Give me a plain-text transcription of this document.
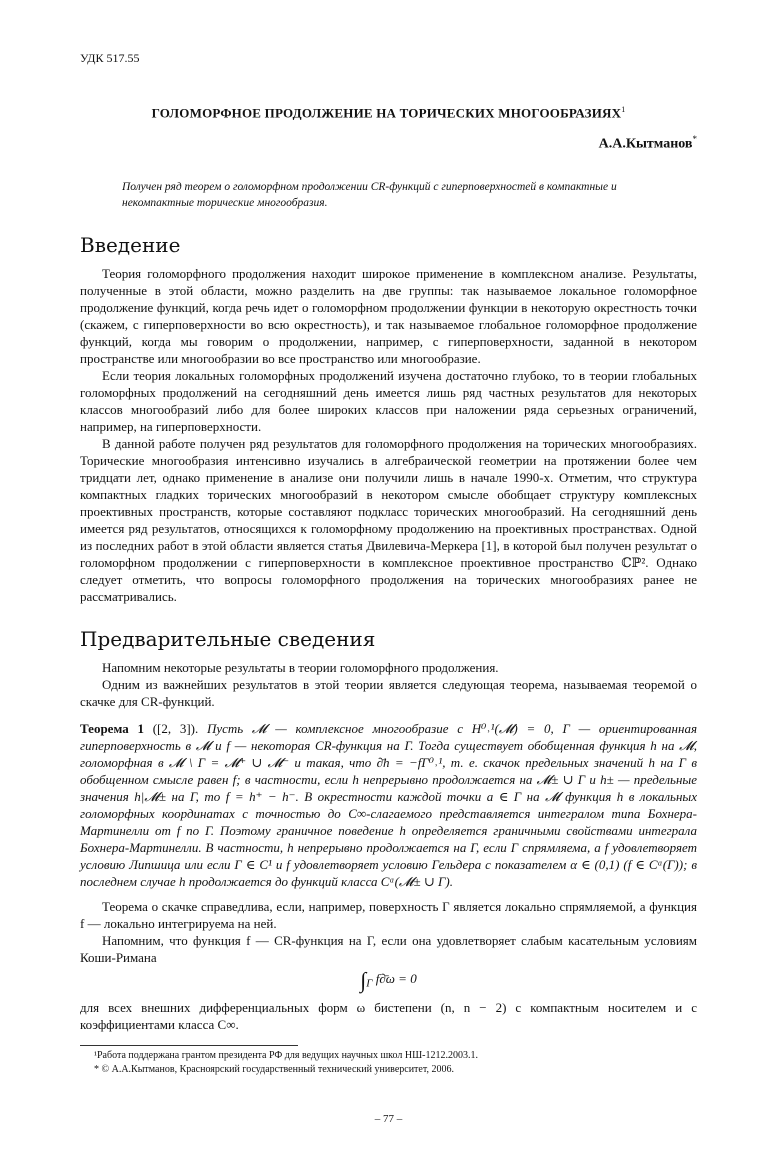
УДК 517.55
ГОЛОМОРФНОЕ ПРОДОЛЖЕНИЕ НА ТОРИЧЕСКИХ МНОГООБРАЗИЯХ$^1$
А.А.Кытманов*
Получен ряд теорем о голоморфном продолжении CR-функций с гиперповерхностей в компактные и некомпактные торические многообразия.
Введение

Теория голоморфного продолжения находит широкое применение в комплексном анализе. Результаты, полученные в этой области, можно разделить на две группы: так называемое локальное голоморфное продолжение функций, когда речь идет о голоморфном продолжении функции в некоторую окрестность точки (скажем, с гиперповерхности во всю окрестность), и так называемое глобальное голоморфное продолжение функций, когда мы говорим о продолжении, например, с гиперповерхности, заданной в некотором пространстве или многообразии во все пространство или многообразие.

Если теория локальных голоморфных продолжений изучена достаточно глубоко, то в теории глобальных голоморфных продолжений на сегодняшний день имеется лишь ряд частных результатов для некоторых классов многообразий либо для более широких классов при наложении ряда серьезных ограничений, например, на гиперповерхности.

В данной работе получен ряд результатов для голоморфного продолжения на торических многообразиях. Торические многообразия интенсивно изучались в алгебраической геометрии на протяжении более чем тридцати лет, однако применение в анализе они получили лишь в начале 1990-х. Отметим, что структура компактных гладких торических многообразий в некотором смысле обобщает структуру комплексных проективных пространств, которые составляют подкласс торических многообразий. На сегодняшний день имеется ряд результатов, относящихся к голоморфному продолжению на проективных пространствах. Одной из последних работ в этой области является статья Двилевича-Меркера [1], в которой был получен результат о голоморфном продолжении с гиперповерхности в комплексное проективное пространство ℂℙ². Однако следует отметить, что вопросы голоморфного продолжения на торических многообразиях ранее не рассматривались.

Предварительные сведения

Напомним некоторые результаты в теории голоморфного продолжения.

Одним из важнейших результатов в этой теории является следующая теорема, называемая теоремой о скачке для CR-функций.

Теорема 1 ([2, 3]). Пусть 𝓜 — комплексное многообразие с H⁰˒¹(𝓜) = 0, Γ — ориентированная гиперповерхность в 𝓜 и f — некоторая CR-функция на Γ. Тогда существует обобщенная функция h на 𝓜, голоморфная в 𝓜 \ Γ = 𝓜⁺ ∪ 𝓜⁻ и такая, что ∂̄h = −fΓ⁰˒¹, т. е. скачок предельных значений h на Γ в обобщенном смысле равен f; в частности, если h непрерывно продолжается на 𝓜± ∪ Γ и h± — предельные значения h|𝓜± на Γ, то f = h⁺ − h⁻. В окрестности каждой точки a ∈ Γ на 𝓜 функция h в локальных голоморфных координатах с точностью до C∞-слагаемого представляется интегралом типа Бохнера-Мартинелли от f по Γ. Поэтому граничное поведение h определяется граничными свойствами интеграла Бохнера-Мартинелли. В частности, h непрерывно продолжается на Γ, если Γ спрямляема, а f удовлетворяет условию Липшица или если Γ ∈ C¹ и f удовлетворяет условию Гельдера с показателем α ∈ (0,1) (f ∈ Cᵅ(Γ)); в последнем случае h продолжается до функций класса Cᵅ(𝓜± ∪ Γ).

Теорема о скачке справедлива, если, например, поверхность Γ является локально спрямляемой, а функция f — локально интегрируема на ней.

Напомним, что функция f — CR-функция на Γ, если она удовлетворяет слабым касательным условиям Коши-Римана

$\int_\Gamma$ f∂̄ω = 0
для всех внешних дифференциальных форм ω бистепени (n, n − 2) с компактным носителем и с коэффициентами класса C∞.

¹Работа поддержана грантом президента РФ для ведущих научных школ НШ-1212.2003.1.

* © А.А.Кытманов, Красноярский государственный технический университет, 2006.

– 77 –
